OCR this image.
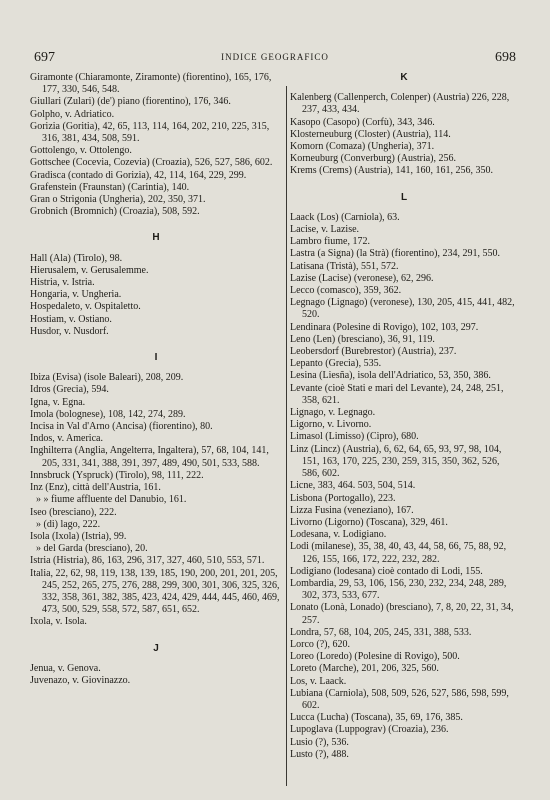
697	INDICE GEOGRAFICO	698
Giramonte (Chiaramonte, Ziramonte) (fiorentino), 165, 176, 177, 330, 546, 548.
Giullari (Zulari) (de') piano (fiorentino), 176, 346.
Golpho, v. Adriatico.
Gorizia (Goritia), 42, 65, 113, 114, 164, 202, 210, 225, 315, 316, 381, 434, 508, 591.
Gottolengo, v. Ottolengo.
Gottschee (Cocevia, Cozevia) (Croazia), 526, 527, 586, 602.
Gradisca (contado di Gorizia), 42, 114, 164, 229, 299.
Grafenstein (Fraunstan) (Carintia), 140.
Gran o Strigonia (Ungheria), 202, 350, 371.
Grobnich (Bromnich) (Croazia), 508, 592.
H
Hall (Ala) (Tirolo), 98.
Hierusalem, v. Gerusalemme.
Histria, v. Istria.
Hongaria, v. Ungheria.
Hospedaleto, v. Ospitaletto.
Hostiam, v. Ostiano.
Husdor, v. Nusdorf.
I
Ibiza (Evisa) (isole Baleari), 208, 209.
Idros (Grecia), 594.
Igna, v. Egna.
Imola (bolognese), 108, 142, 274, 289.
Incisa in Val d'Arno (Ancisa) (fiorentino), 80.
Indos, v. America.
Inghilterra (Anglia, Angelterra, Ingaltera), 57, 68, 104, 141, 205, 331, 341, 388, 391, 397, 489, 490, 501, 533, 588.
Innsbruck (Yspruck) (Tirolo), 98, 111, 222.
Inz (Enz), città dell'Austria, 161.
» » fiume affluente del Danubio, 161.
Iseo (bresciano), 222.
» (di) lago, 222.
Isola (Ixola) (Istria), 99.
» del Garda (bresciano), 20.
Istria (Histria), 86, 163, 296, 317, 327, 460, 510, 553, 571.
Italia, 22, 62, 98, 119, 138, 139, 185, 190, 200, 201, 201, 205, 245, 252, 265, 275, 276, 288, 299, 300, 301, 306, 325, 326, 332, 358, 361, 382, 385, 423, 424, 429, 444, 445, 460, 469, 473, 500, 529, 558, 572, 587, 651, 652.
Ixola, v. Isola.
J
Jenua, v. Genova.
Juvenazo, v. Giovinazzo.
K
Kalenberg (Callenperch, Colenper) (Austria) 226, 228, 237, 433, 434.
Kasopo (Casopo) (Corfù), 343, 346.
Klosterneuburg (Closter) (Austria), 114.
Komorn (Comaza) (Ungheria), 371.
Korneuburg (Converburg) (Austria), 256.
Krems (Crems) (Austria), 141, 160, 161, 256, 350.
L
Laack (Los) (Carniola), 63.
Lacise, v. Lazise.
Lambro fiume, 172.
Lastra (a Signa) (la Strà) (fiorentino), 234, 291, 550.
Latisana (Tristà), 551, 572.
Lazise (Lacise) (veronese), 62, 296.
Lecco (comasco), 359, 362.
Legnago (Lignago) (veronese), 130, 205, 415, 441, 482, 520.
Lendinara (Polesine di Rovigo), 102, 103, 297.
Leno (Len) (bresciano), 36, 91, 119.
Leobersdorf (Burebrestor) (Austria), 237.
Lepanto (Grecia), 535.
Lesina (Liesña), isola dell'Adriatico, 53, 350, 386.
Levante (cioè Stati e mari del Levante), 24, 248, 251, 358, 621.
Lignago, v. Legnago.
Ligorno, v. Livorno.
Limasol (Limisso) (Cipro), 680.
Linz (Lincz) (Austria), 6, 62, 64, 65, 93, 97, 98, 104, 151, 163, 170, 225, 230, 259, 315, 350, 362, 526, 586, 602.
Licne, 383, 464. 503, 504, 514.
Lisbona (Portogallo), 223.
Lizza Fusina (veneziano), 167.
Livorno (Ligorno) (Toscana), 329, 461.
Lodesana, v. Lodigiano.
Lodi (milanese), 35, 38, 40, 43, 44, 58, 66, 75, 88, 92, 126, 155, 166, 172, 222, 232, 282.
Lodigiano (lodesana) cioè contado di Lodi, 155.
Lombardia, 29, 53, 106, 156, 230, 232, 234, 248, 289, 302, 373, 533, 677.
Lonato (Lonà, Lonado) (bresciano), 7, 8, 20, 22, 31, 34, 257.
Londra, 57, 68, 104, 205, 245, 331, 388, 533.
Lorco (?), 620.
Loreo (Loredo) (Polesine di Rovigo), 500.
Loreto (Marche), 201, 206, 325, 560.
Los, v. Laack.
Lubiana (Carniola), 508, 509, 526, 527, 586, 598, 599, 602.
Lucca (Lucha) (Toscana), 35, 69, 176, 385.
Lupoglava (Luppograv) (Croazia), 236.
Lusio (?), 536.
Lusto (?), 488.
